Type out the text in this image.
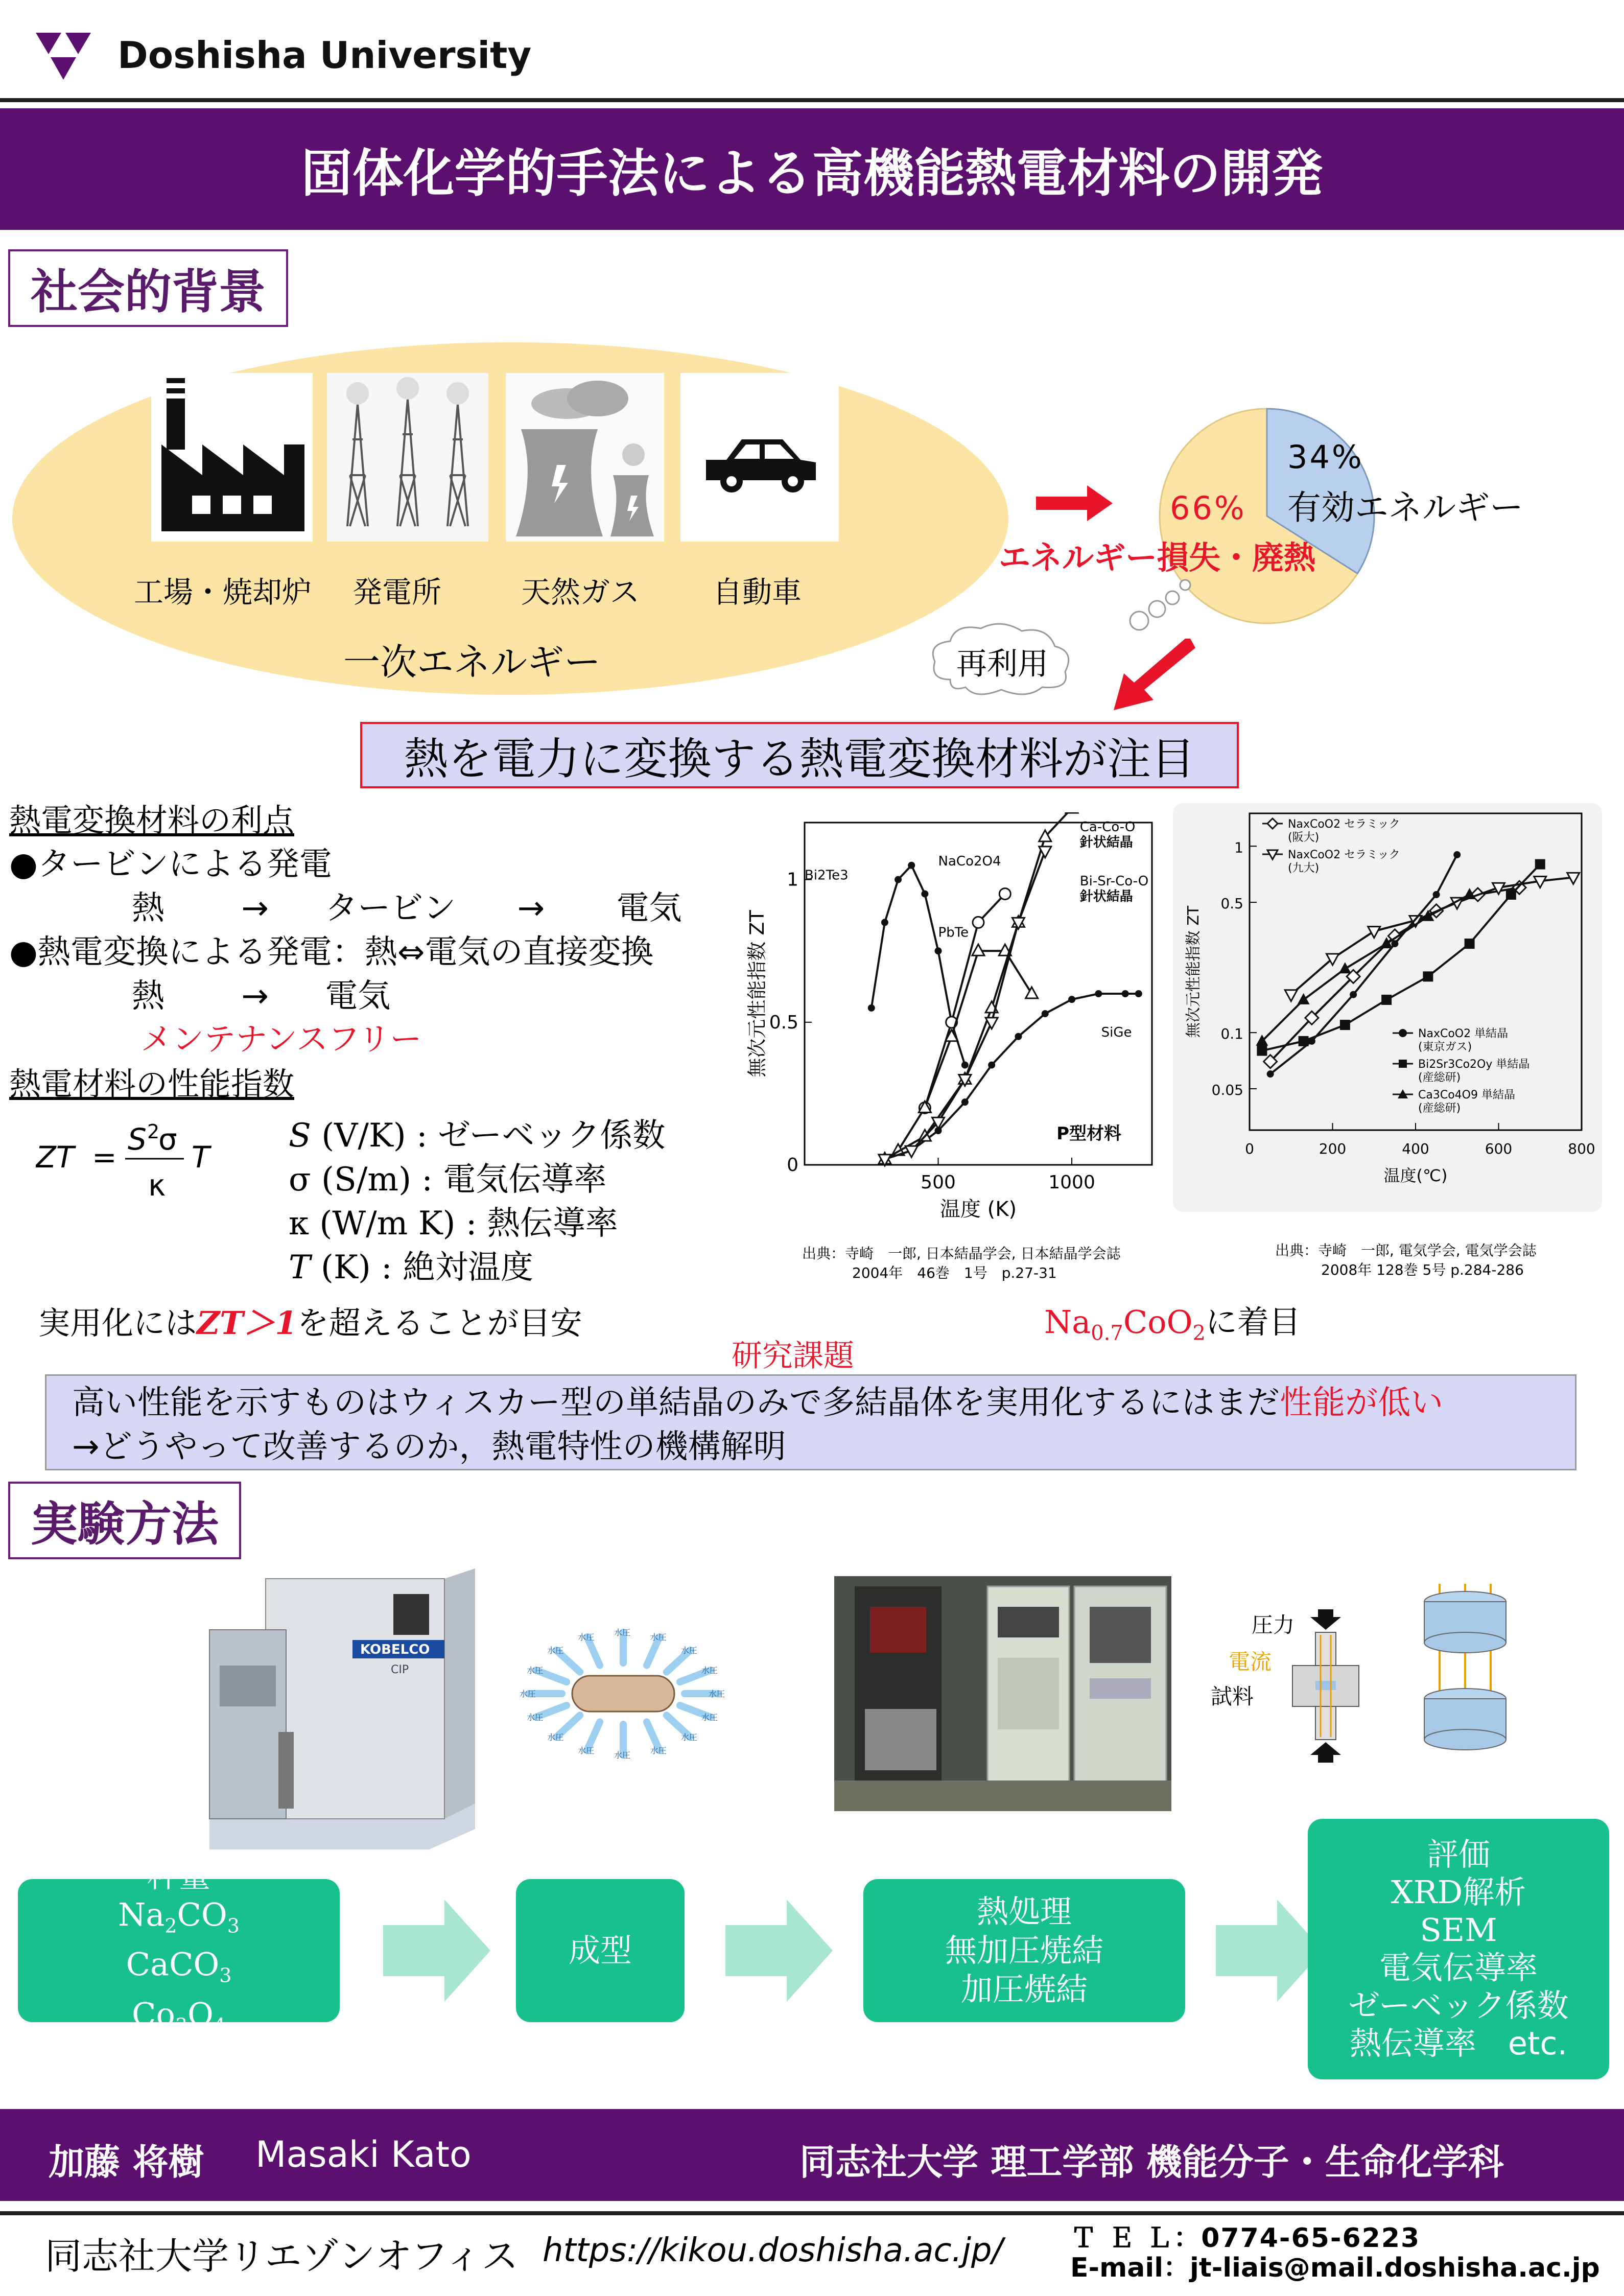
Doshisha University
固体化学的手法による高機能熱電材料の開発
社会的背景
工場・焼却炉 発電所	天然ガス 自動車
一次エネルギー
34%
有効エネルギー
66%
エネルギー損失・廃熱
再利用
熱を電力に変換する熱電変換材料が注目
熱電変換材料の利点
●タービンによる発電
熱 → タービン → 電気
●熱電変換による発電：熱⇔電気の直接変換
熱 → 電気
メンテナンスフリー
熱電材料の性能指数
ZT =
S 2
σ
κ
T
S (V/K) : ゼーベック係数
σ (S/m) : 電気伝導率
κ (W/m K) : 熱伝導率
T (K) : 絶対温度
実用化にはZT＞1を超えることが目安
500	1000
0
0.5
1
温度 (K)
無次元性能指数 ZT
Bi2Te3
NaCo2O4
PbTe
SiGe
Ca-Co-O
針状結晶
Bi-Sr-Co-O
針状結晶
P型材料
出典：寺崎　一郎, 日本結晶学会, 日本結晶学会誌
2004年　46巻　1号　p.27-31
0	200	400	600	800
0.05
0.1
0.5
1
温度(℃)
無次元性能指数 ZT
NaxCoO2 セラミック
(阪大)
NaxCoO2 セラミック
(九大)
NaxCoO2 単結晶
(東京ガス)
Bi2Sr3Co2Oy 単結晶
(産総研)
Ca3Co4O9 単結晶
(産総研)
出典：寺崎　一郎, 電気学会, 電気学会誌
2008年 128巻 5号 p.284-286
$Na_{0.7}CoO_2$に着目
研究課題
高い性能を示すものはウィスカー型の単結晶のみで多結晶体を実用化するにはまだ性能が低い
→どうやって改善するのか，熱電特性の機構解明
実験方法
KOBELCO
CIP
水圧
水圧
水圧
水圧
水圧
水圧
水圧
水圧
水圧
水圧
水圧
水圧 水圧 水圧
水圧
水圧
圧力
電流
試料
秤量
$Na_2CO_3$
CaCO$_3$
$Co_3O_4$
成型
熱処理
無加圧焼結
加圧焼結
評価
XRD解析
SEM
電気伝導率
ゼーベック係数
熱伝導率　etc.
加藤 将樹 Masaki Kato	同志社大学 理工学部 機能分子・生命化学科
同志社大学リエゾンオフィス https://kikou.doshisha.ac.jp/	Ｔ Ｅ Ｌ：0774-65-6223
E-mail：jt-liais@mail.doshisha.ac.jp
